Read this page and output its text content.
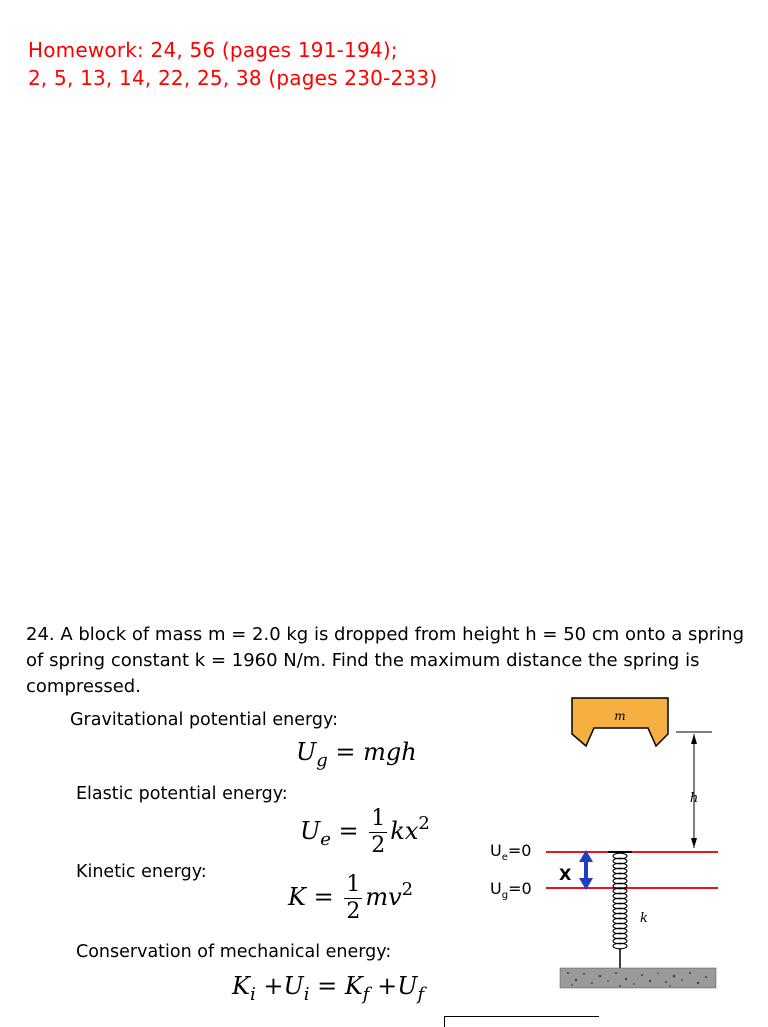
Homework: 24, 56 (pages 191-194);
2, 5, 13, 14, 22, 25, 38 (pages 230-233)
24. A block of mass m = 2.0 kg is dropped from height h = 50 cm onto a spring of spring constant k = 1960 N/m. Find the maximum distance the spring is compressed.
Gravitational potential energy:
$U_g$ = mgh
Elastic potential energy:
$U_e = \frac{1}{2} kx^2$
Kinetic energy:
$K = \frac{1}{2} mv^2$
Conservation of mechanical energy:
$K_i +U_i = K_f +U_f$
m
h
$U_e=0$
$U_g=0$
X
k
